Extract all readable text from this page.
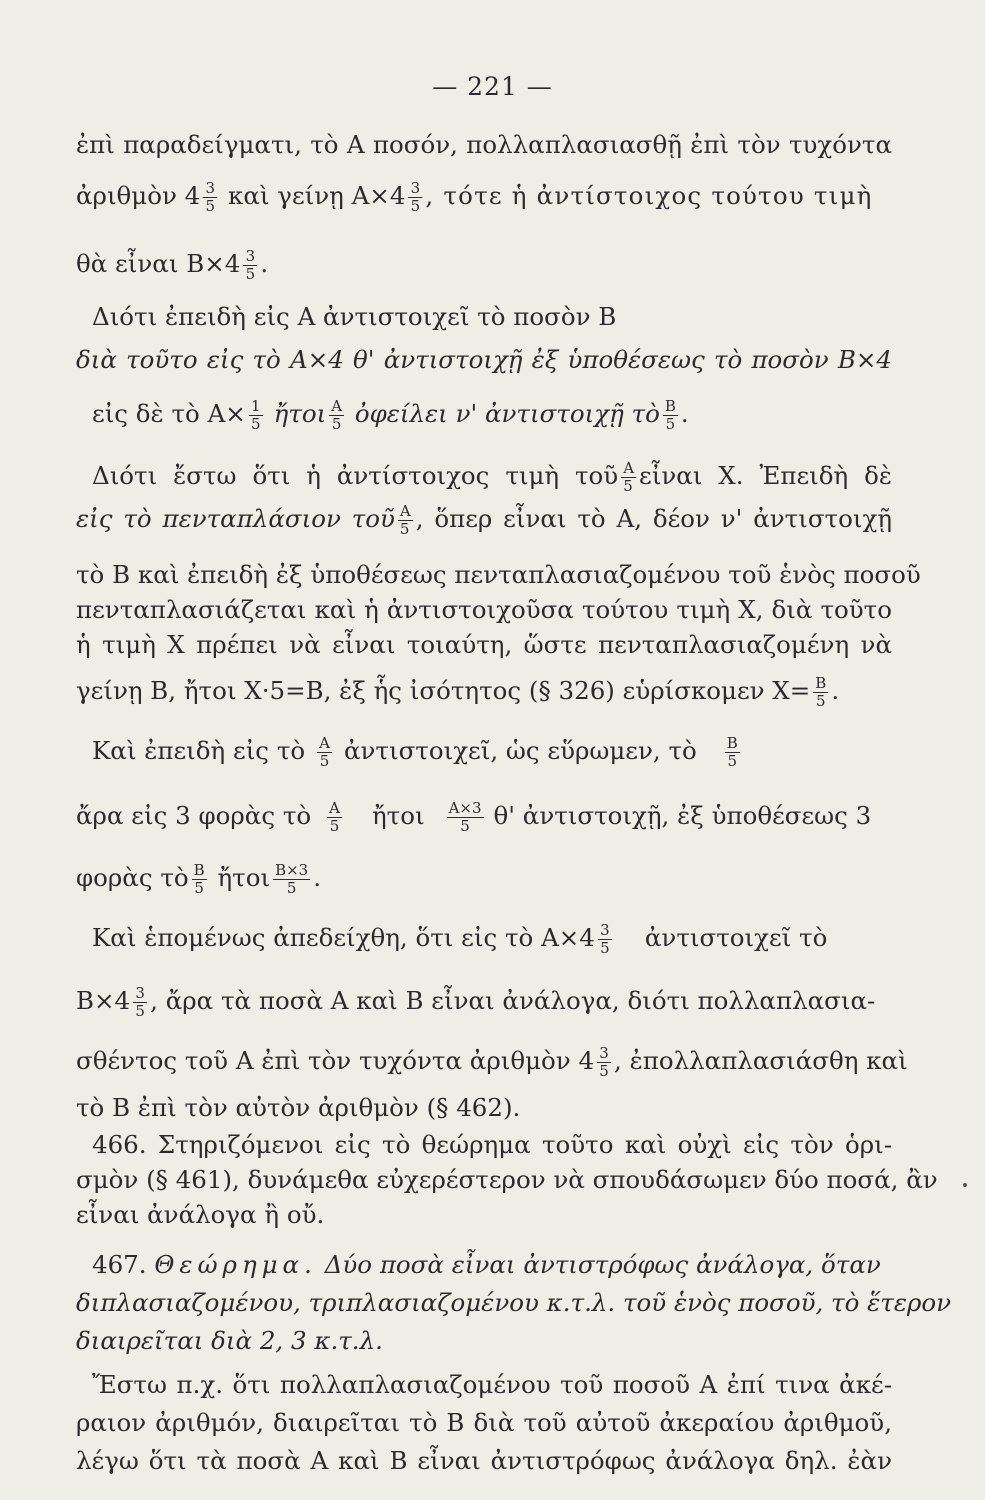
— 221 —
ἐπὶ παραδείγματι, τὸ Α ποσόν, πολλαπλασιασθῇ ἐπὶ τὸν τυχόντα
ἀριθμὸν $4 \frac{3}{5}$ καὶ γείνῃ $A\times 4 \frac{3}{5}$ , τότε ἡ ἀντίστοιχος τούτου τιμὴ
θὰ εἶναι $B\times 4 \frac{3}{5}$ .
Διότι ἐπειδὴ εἰς Α ἀντιστοιχεῖ τὸ ποσὸν Β
διὰ τοῦτο εἰς τὸ Α×4 θ' ἀντιστοιχῇ ἐξ ὑποθέσεως τὸ ποσὸν Β×4
εἰς δὲ τὸ $A\times \frac{1}{5}$ ἤτοι $\frac{A}{5}$ ὀφείλει ν' ἀντιστοιχῇ τὸ $\frac{B}{5}$ .
Διότι ἔστω ὅτι ἡ ἀντίστοιχος τιμὴ τοῦ $\frac{A}{5}$ εἶναι Χ. Ἐπειδὴ δὲ
εἰς τὸ πενταπλάσιον τοῦ $\frac{A}{5}$ , ὅπερ εἶναι τὸ Α, δέον ν' ἀντιστοιχῇ
τὸ Β καὶ ἐπειδὴ ἐξ ὑποθέσεως πενταπλασιαζομένου τοῦ ἑνὸς ποσοῦ
πενταπλασιάζεται καὶ ἡ ἀντιστοιχοῦσα τούτου τιμὴ Χ, διὰ τοῦτο
ἡ τιμὴ Χ πρέπει νὰ εἶναι τοιαύτη, ὥστε πενταπλασιαζομένη νὰ
γείνῃ Β, ἤτοι Χ·5=Β, ἐξ ἧς ἰσότητος (§ 326) εὑρίσκομεν $X= \frac{B}{5}$ .
Καὶ ἐπειδὴ εἰς τὸ $\frac{A}{5}$ ἀντιστοιχεῖ, ὡς εὕρωμεν, τὸ $\frac{B}{5}$
ἄρα εἰς 3 φορὰς τὸ $\frac{A}{5}$ ἤτοι $\frac{A\times 3}{5} \theta'$ ἀντιστοιχῇ, ἐξ ὑποθέσεως 3
φορὰς τὸ $\frac{B}{5}$ ἤτοι $\frac{B\times 3}{5}$ .
Καὶ ἑπομένως ἀπεδείχθη, ὅτι εἰς τὸ $A\times 4 \frac{3}{5}$ ἀντιστοιχεῖ τὸ
$B\times 4 \frac{3}{5}$ , ἄρα τὰ ποσὰ Α καὶ Β εἶναι ἀνάλογα, διότι πολλαπλασια-
σθέντος τοῦ Α ἐπὶ τὸν τυχόντα ἀριθμὸν $4 \frac{3}{5}$ , ἐπολλαπλασιάσθη καὶ
τὸ Β ἐπὶ τὸν αὐτὸν ἀριθμὸν (§ 462).
466. Στηριζόμενοι εἰς τὸ θεώρημα τοῦτο καὶ οὐχὶ εἰς τὸν ὁρι-
σμὸν (§ 461), δυνάμεθα εὐχερέστερον νὰ σπουδάσωμεν δύο ποσά, ἂν
εἶναι ἀνάλογα ἢ οὔ.
467. Θεώρημα. Δύο ποσὰ εἶναι ἀντιστρόφως ἀνάλογα, ὅταν
διπλασιαζομένου, τριπλασιαζομένου κ.τ.λ. τοῦ ἑνὸς ποσοῦ, τὸ ἕτερον
διαιρεῖται διὰ 2, 3 κ.τ.λ.
Ἔστω π.χ. ὅτι πολλαπλασιαζομένου τοῦ ποσοῦ Α ἐπί τινα ἀκέ-
ραιον ἀριθμόν, διαιρεῖται τὸ Β διὰ τοῦ αὐτοῦ ἀκεραίου ἀριθμοῦ,
λέγω ὅτι τὰ ποσὰ Α καὶ Β εἶναι ἀντιστρόφως ἀνάλογα δηλ. ἐὰν
